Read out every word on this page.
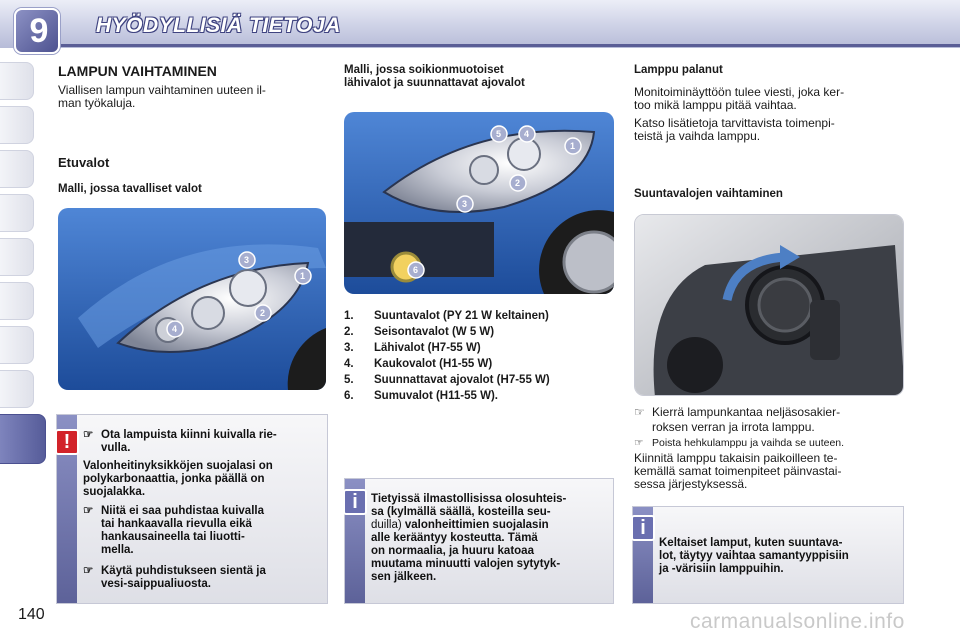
9	HYÖDYLLISIÄ TIETOJA
LAMPUN VAIHTAMINEN
Viallisen lampun vaihtaminen uuteen il-
man työkaluja.
Etuvalot
Malli, jossa tavalliset valot
1
2
3
4
!	☞ Ota lampuista kiinni kuivalla rie-
vulla.
Valonheitinyksikköjen suojalasi on
polykarbonaattia, jonka päällä on
suojalakka.
☞ Niitä ei saa puhdistaa kuivalla
tai hankaavalla rievulla eikä
hankausaineella tai liuotti-
mella.
☞ Käytä puhdistukseen sientä ja
vesi-saippualiuosta.
Malli, jossa soikionmuotoiset
lähivalot ja suunnattavat ajovalot
1
2
3
4
5
6
1.	Suuntavalot (PY 21 W keltainen)
2.	Seisontavalot (W 5 W)
3.	Lähivalot (H7-55 W)
4.	Kaukovalot (H1-55 W)
5.	Suunnattavat ajovalot (H7-55 W)
6.	Sumuvalot (H11-55 W).
i	Tietyissä ilmastollisissa olosuhteis-
sa (kylmällä säällä, kosteilla seu-
duilla) valonheittimien suojalasin
alle kerääntyy kosteutta. Tämä
on normaalia, ja huuru katoaa
muutama minuutti valojen sytytyk-
sen jälkeen.
Lamppu palanut
Monitoiminäyttöön tulee viesti, joka ker-
too mikä lamppu pitää vaihtaa.
Katso lisätietoja tarvittavista toimenpi-
teistä ja vaihda lamppu.
Suuntavalojen vaihtaminen
☞ Kierrä lampunkantaa neljäsosakier-
roksen verran ja irrota lamppu.
☞ Poista hehkulamppu ja vaihda se uuteen.
Kiinnitä lamppu takaisin paikoilleen te-
kemällä samat toimenpiteet päinvastai-
sessa järjestyksessä.
i
Keltaiset lamput, kuten suuntava-
lot, täytyy vaihtaa samantyyppisiin
ja -värisiin lamppuihin.
140	carmanualsonline.info
